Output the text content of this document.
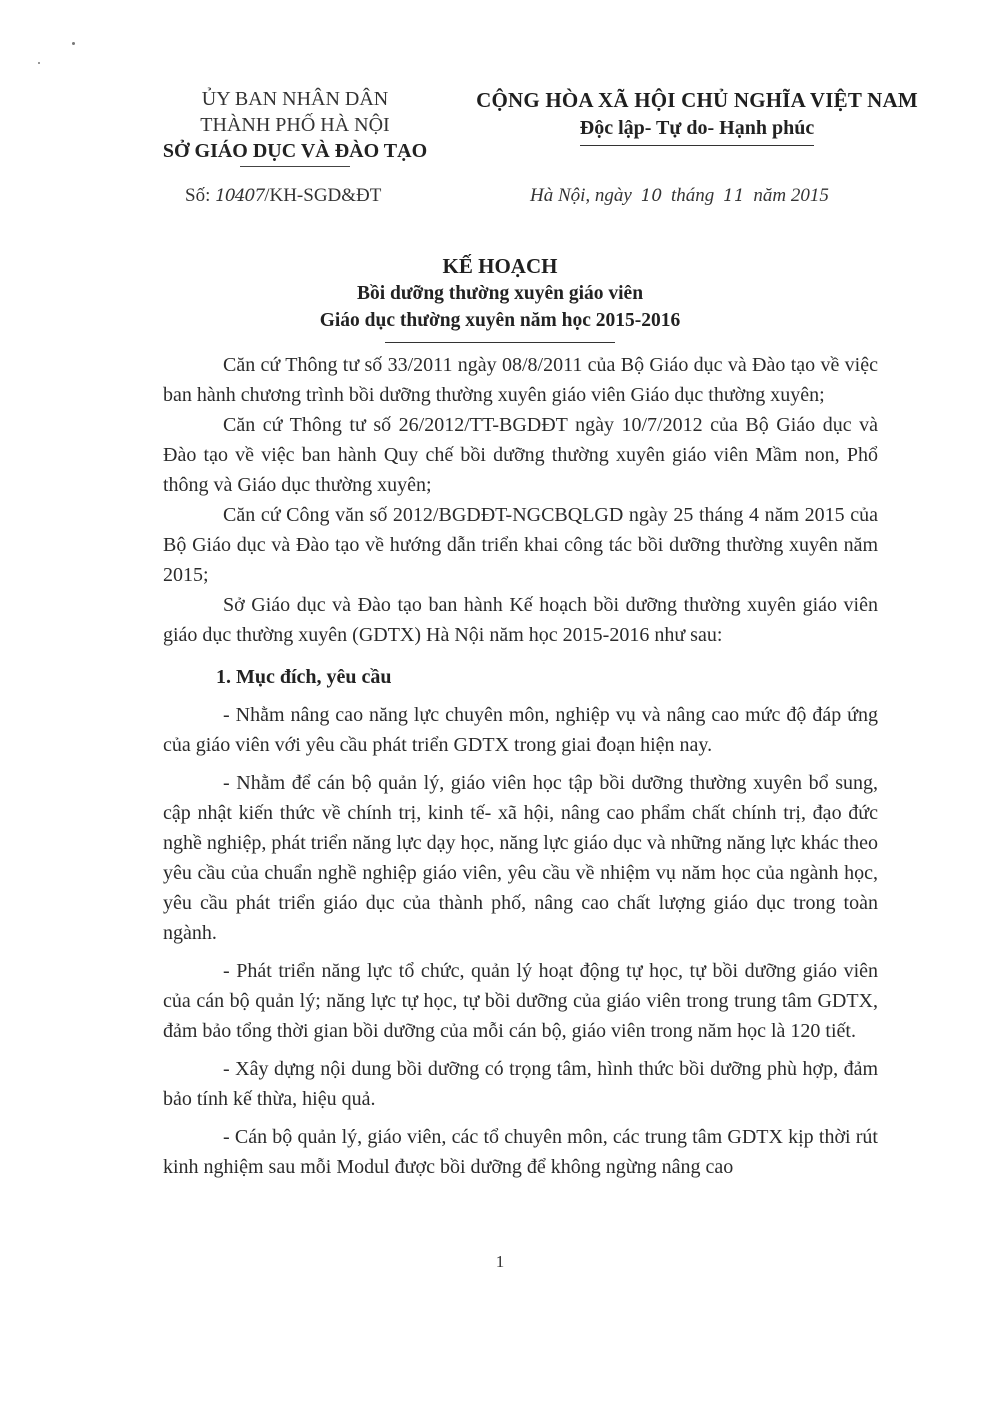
ỦY BAN NHÂN DÂN
THÀNH PHỐ HÀ NỘI
SỞ GIÁO DỤC VÀ ĐÀO TẠO
CỘNG HÒA XÃ HỘI CHỦ NGHĨA VIỆT NAM
Độc lập- Tự do- Hạnh phúc
Số: 10407/KH-SGD&ĐT	Hà Nội, ngày 10 tháng 11 năm 2015
KẾ HOẠCH
Bồi dưỡng thường xuyên giáo viên
Giáo dục thường xuyên năm học 2015-2016

Căn cứ Thông tư số 33/2011 ngày 08/8/2011 của Bộ Giáo dục và Đào tạo về việc ban hành chương trình bồi dưỡng thường xuyên giáo viên Giáo dục thường xuyên;

Căn cứ Thông tư số 26/2012/TT-BGDĐT ngày 10/7/2012 của Bộ Giáo dục và Đào tạo về việc ban hành Quy chế bồi dưỡng thường xuyên giáo viên Mầm non, Phổ thông và Giáo dục thường xuyên;

Căn cứ Công văn số 2012/BGDĐT-NGCBQLGD ngày 25 tháng 4 năm 2015 của Bộ Giáo dục và Đào tạo về hướng dẫn triển khai công tác bồi dưỡng thường xuyên năm 2015;

Sở Giáo dục và Đào tạo ban hành Kế hoạch bồi dưỡng thường xuyên giáo viên giáo dục thường xuyên (GDTX) Hà Nội năm học 2015-2016 như sau:

1. Mục đích, yêu cầu

- Nhằm nâng cao năng lực chuyên môn, nghiệp vụ và nâng cao mức độ đáp ứng của giáo viên với yêu cầu phát triển GDTX trong giai đoạn hiện nay.

- Nhằm để cán bộ quản lý, giáo viên học tập bồi dưỡng thường xuyên bổ sung, cập nhật kiến thức về chính trị, kinh tế- xã hội, nâng cao phẩm chất chính trị, đạo đức nghề nghiệp, phát triển năng lực dạy học, năng lực giáo dục và những năng lực khác theo yêu cầu của chuẩn nghề nghiệp giáo viên, yêu cầu về nhiệm vụ năm học của ngành học, yêu cầu phát triển giáo dục của thành phố, nâng cao chất lượng giáo dục trong toàn ngành.

- Phát triển năng lực tổ chức, quản lý hoạt động tự học, tự bồi dưỡng giáo viên của cán bộ quản lý; năng lực tự học, tự bồi dưỡng của giáo viên trong trung tâm GDTX, đảm bảo tổng thời gian bồi dưỡng của mỗi cán bộ, giáo viên trong năm học là 120 tiết.

- Xây dựng nội dung bồi dưỡng có trọng tâm, hình thức bồi dưỡng phù hợp, đảm bảo tính kế thừa, hiệu quả.

- Cán bộ quản lý, giáo viên, các tổ chuyên môn, các trung tâm GDTX kịp thời rút kinh nghiệm sau mỗi Modul được bồi dưỡng để không ngừng nâng cao

1
